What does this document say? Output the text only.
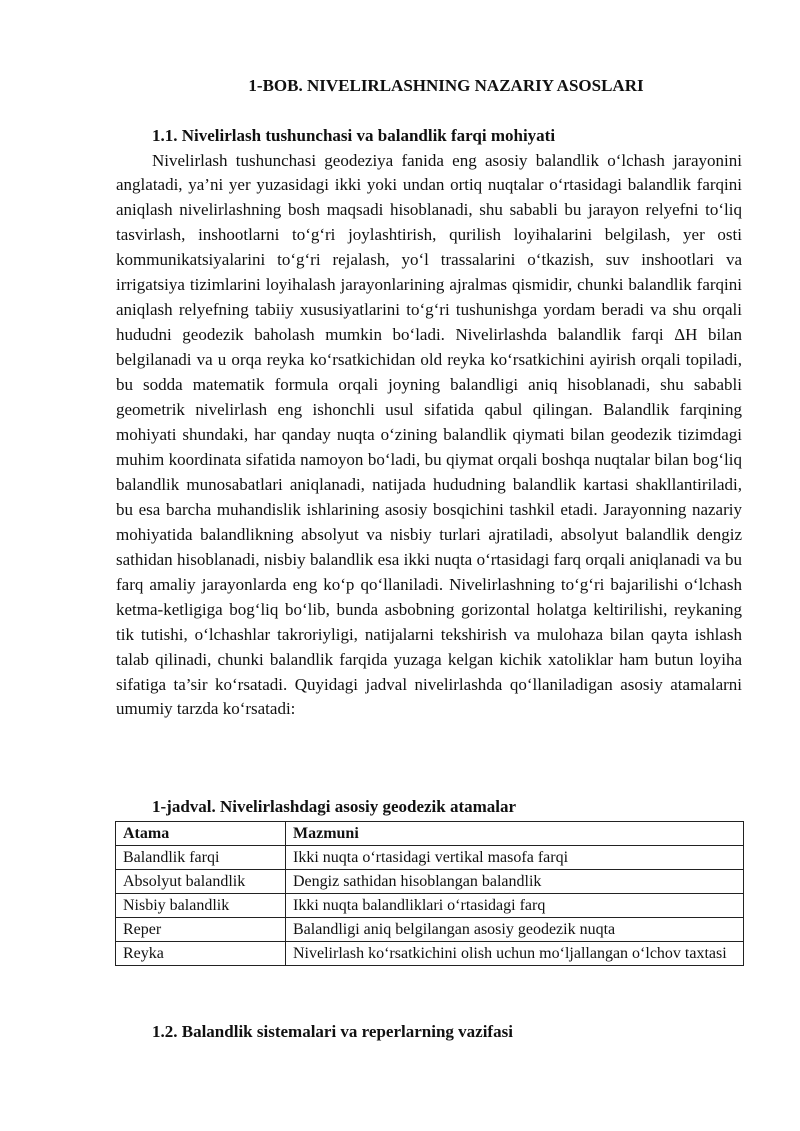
1-BOB. NIVELIRLASHNING NAZARIY ASOSLARI
1.1. Nivelirlash tushunchasi va balandlik farqi mohiyati

Nivelirlash tushunchasi geodeziya fanida eng asosiy balandlik o‘lchash jarayonini anglatadi, ya’ni yer yuzasidagi ikki yoki undan ortiq nuqtalar o‘rtasidagi balandlik farqini aniqlash nivelirlashning bosh maqsadi hisoblanadi, shu sababli bu jarayon relyefni to‘liq tasvirlash, inshootlarni to‘g‘ri joylashtirish, qurilish loyihalarini belgilash, yer osti kommunikatsiyalarini to‘g‘ri rejalash, yo‘l trassalarini o‘tkazish, suv inshootlari va irrigatsiya tizimlarini loyihalash jarayonlarining ajralmas qismidir, chunki balandlik farqini aniqlash relyefning tabiiy xususiyatlarini to‘g‘ri tushunishga yordam beradi va shu orqali hududni geodezik baholash mumkin bo‘ladi. Nivelirlashda balandlik farqi ΔH bilan belgilanadi va u orqa reyka ko‘rsatkichidan old reyka ko‘rsatkichini ayirish orqali topiladi, bu sodda matematik formula orqali joyning balandligi aniq hisoblanadi, shu sababli geometrik nivelirlash eng ishonchli usul sifatida qabul qilingan. Balandlik farqining mohiyati shundaki, har qanday nuqta o‘zining balandlik qiymati bilan geodezik tizimdagi muhim koordinata sifatida namoyon bo‘ladi, bu qiymat orqali boshqa nuqtalar bilan bog‘liq balandlik munosabatlari aniqlanadi, natijada hududning balandlik kartasi shakllantiriladi, bu esa barcha muhandislik ishlarining asosiy bosqichini tashkil etadi. Jarayonning nazariy mohiyatida balandlikning absolyut va nisbiy turlari ajratiladi, absolyut balandlik dengiz sathidan hisoblanadi, nisbiy balandlik esa ikki nuqta o‘rtasidagi farq orqali aniqlanadi va bu farq amaliy jarayonlarda eng ko‘p qo‘llaniladi. Nivelirlashning to‘g‘ri bajarilishi o‘lchash ketma-ketligiga bog‘liq bo‘lib, bunda asbobning gorizontal holatga keltirilishi, reykaning tik tutishi, o‘lchashlar takroriyligi, natijalarni tekshirish va mulohaza bilan qayta ishlash talab qilinadi, chunki balandlik farqida yuzaga kelgan kichik xatoliklar ham butun loyiha sifatiga ta’sir ko‘rsatadi. Quyidagi jadval nivelirlashda qo‘llaniladigan asosiy atamalarni umumiy tarzda ko‘rsatadi:

1-jadval. Nivelirlashdagi asosiy geodezik atamalar
Atama	Mazmuni
Balandlik farqi	Ikki nuqta o‘rtasidagi vertikal masofa farqi
Absolyut balandlik	Dengiz sathidan hisoblangan balandlik
Nisbiy balandlik	Ikki nuqta balandliklari o‘rtasidagi farq
Reper	Balandligi aniq belgilangan asosiy geodezik nuqta
Reyka	Nivelirlash ko‘rsatkichini olish uchun mo‘ljallangan o‘lchov taxtasi
1.2. Balandlik sistemalari va reperlarning vazifasi
